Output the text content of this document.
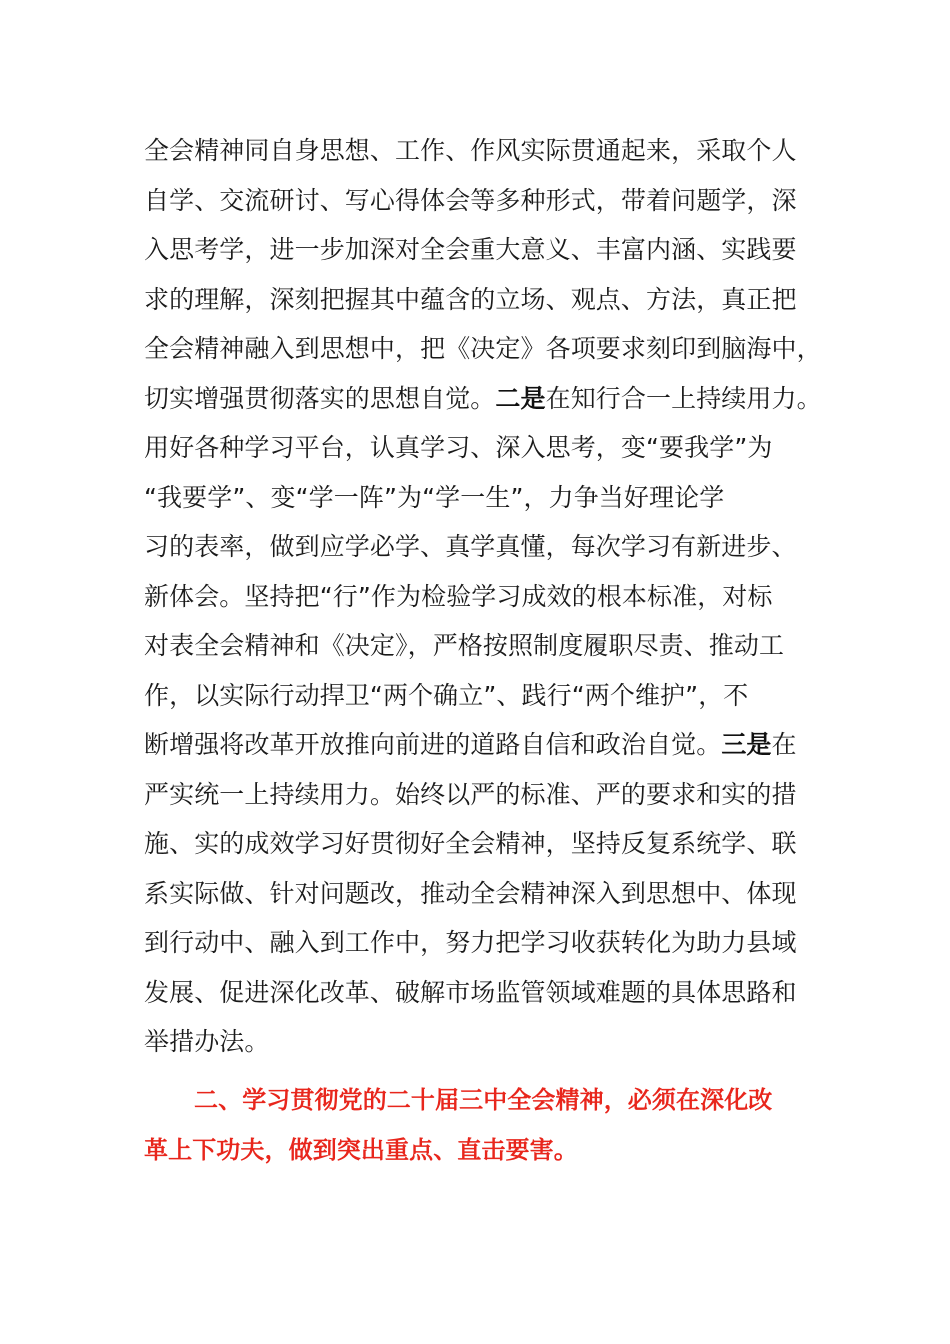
全会精神同自身思想、工作、作风实际贯通起来，采取个人
自学、交流研讨、写心得体会等多种形式，带着问题学，深
入思考学，进一步加深对全会重大意义、丰富内涵、实践要
求的理解，深刻把握其中蕴含的立场、观点、方法，真正把
全会精神融入到思想中，把《决定》各项要求刻印到脑海中，
切实增强贯彻落实的思想自觉。二是在知行合一上持续用力。
用好各种学习平台，认真学习、深入思考，变“要我学”为
“我要学”、变“学一阵”为“学一生”，力争当好理论学
习的表率，做到应学必学、真学真懂，每次学习有新进步、
新体会。坚持把“行”作为检验学习成效的根本标准，对标
对表全会精神和《决定》，严格按照制度履职尽责、推动工
作，以实际行动捍卫“两个确立”、践行“两个维护”，不
断增强将改革开放推向前进的道路自信和政治自觉。三是在
严实统一上持续用力。始终以严的标准、严的要求和实的措
施、实的成效学习好贯彻好全会精神，坚持反复系统学、联
系实际做、针对问题改，推动全会精神深入到思想中、体现
到行动中、融入到工作中，努力把学习收获转化为助力县域
发展、促进深化改革、破解市场监管领域难题的具体思路和
举措办法。
二、学习贯彻党的二十届三中全会精神，必须在深化改
革上下功夫，做到突出重点、直击要害。
